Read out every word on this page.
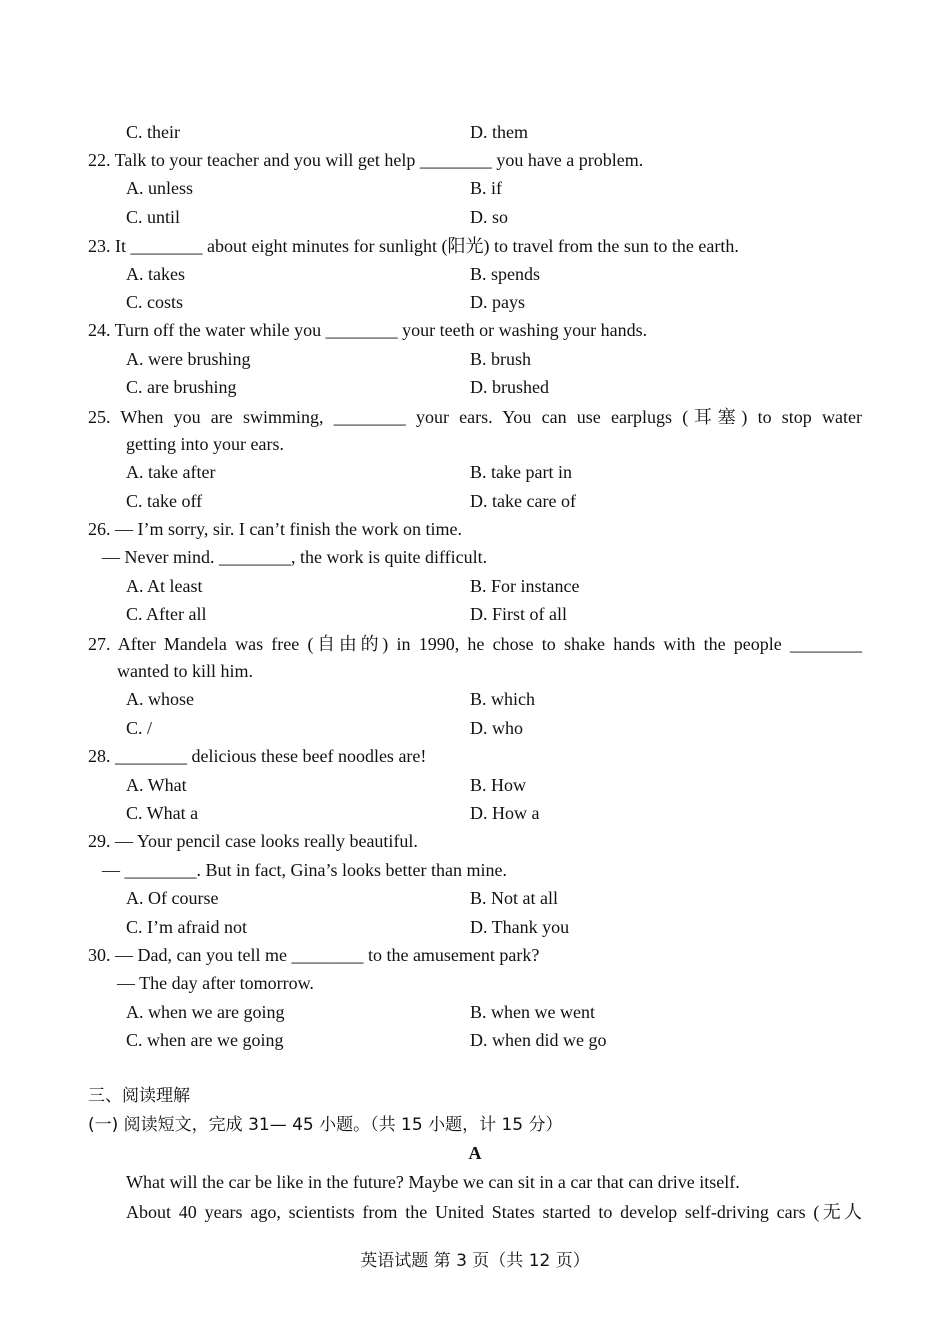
C. their	D. them
22. Talk to your teacher and you will get help ________ you have a problem.
A. unless	B. if
C. until	D. so
23. It ________ about eight minutes for sunlight (阳光) to travel from the sun to the earth.
A. takes	B. spends
C. costs	D. pays
24. Turn off the water while you ________ your teeth or washing your hands.
A. were brushing	B. brush
C. are brushing	D. brushed
25. When you are swimming, ________ your ears. You can use earplugs (耳塞) to stop water
getting into your ears.
A. take after	B. take part in
C. take off	D. take care of
26. — I’m sorry, sir. I can’t finish the work on time.
— Never mind. ________, the work is quite difficult.
A. At least	B. For instance
C. After all	D. First of all
27. After Mandela was free (自由的) in 1990, he chose to shake hands with the people ________
wanted to kill him.
A. whose	B. which
C. /	D. who
28. ________ delicious these beef noodles are!
A. What	B. How
C. What a	D. How a
29. — Your pencil case looks really beautiful.
— ________. But in fact, Gina’s looks better than mine.
A. Of course	B. Not at all
C. I’m afraid not	D. Thank you
30. — Dad, can you tell me ________ to the amusement park?
— The day after tomorrow.
A. when we are going	B. when we went
C. when are we going	D. when did we go
三、阅读理解
(一) 阅读短文，完成 31— 45 小题。（共 15 小题，计 15 分）
A
What will the car be like in the future? Maybe we can sit in a car that can drive itself.
About 40 years ago, scientists from the United States started to develop self-driving cars (无人
英语试题 第 3 页（共 12 页）
